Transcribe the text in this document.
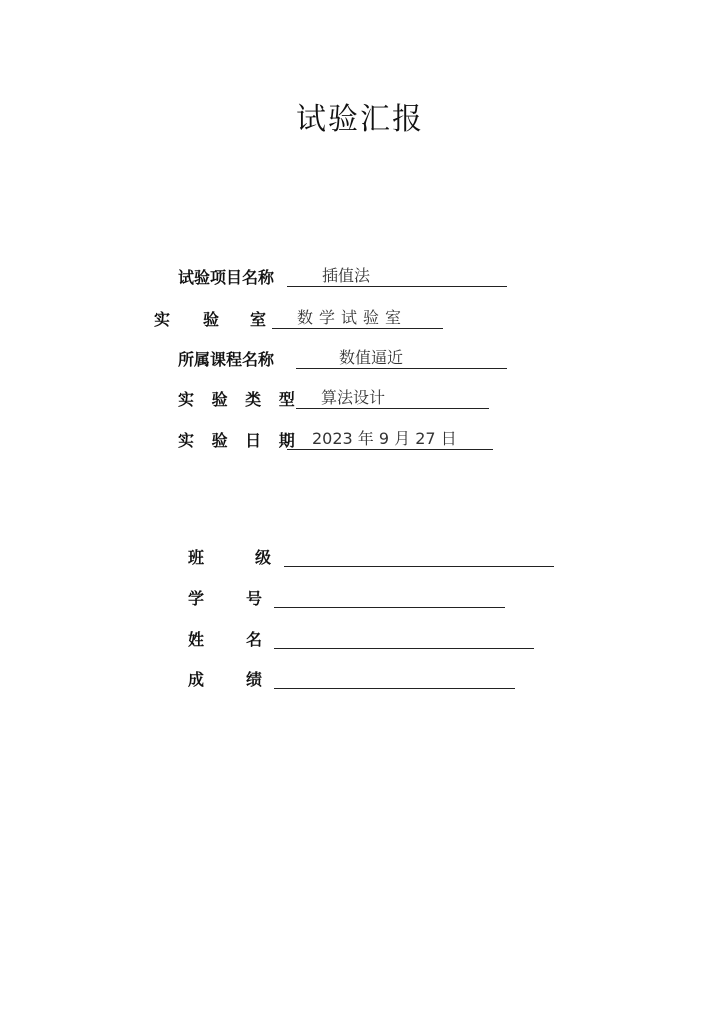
试验汇报
试验项目名称	插值法
实 验 室 数学试验室
所属课程名称	数值逼近
实 验 类 型 算法设计
实 验 日 期 2023 年 9 月 27 日
班	级
学	号
姓	名
成	绩
